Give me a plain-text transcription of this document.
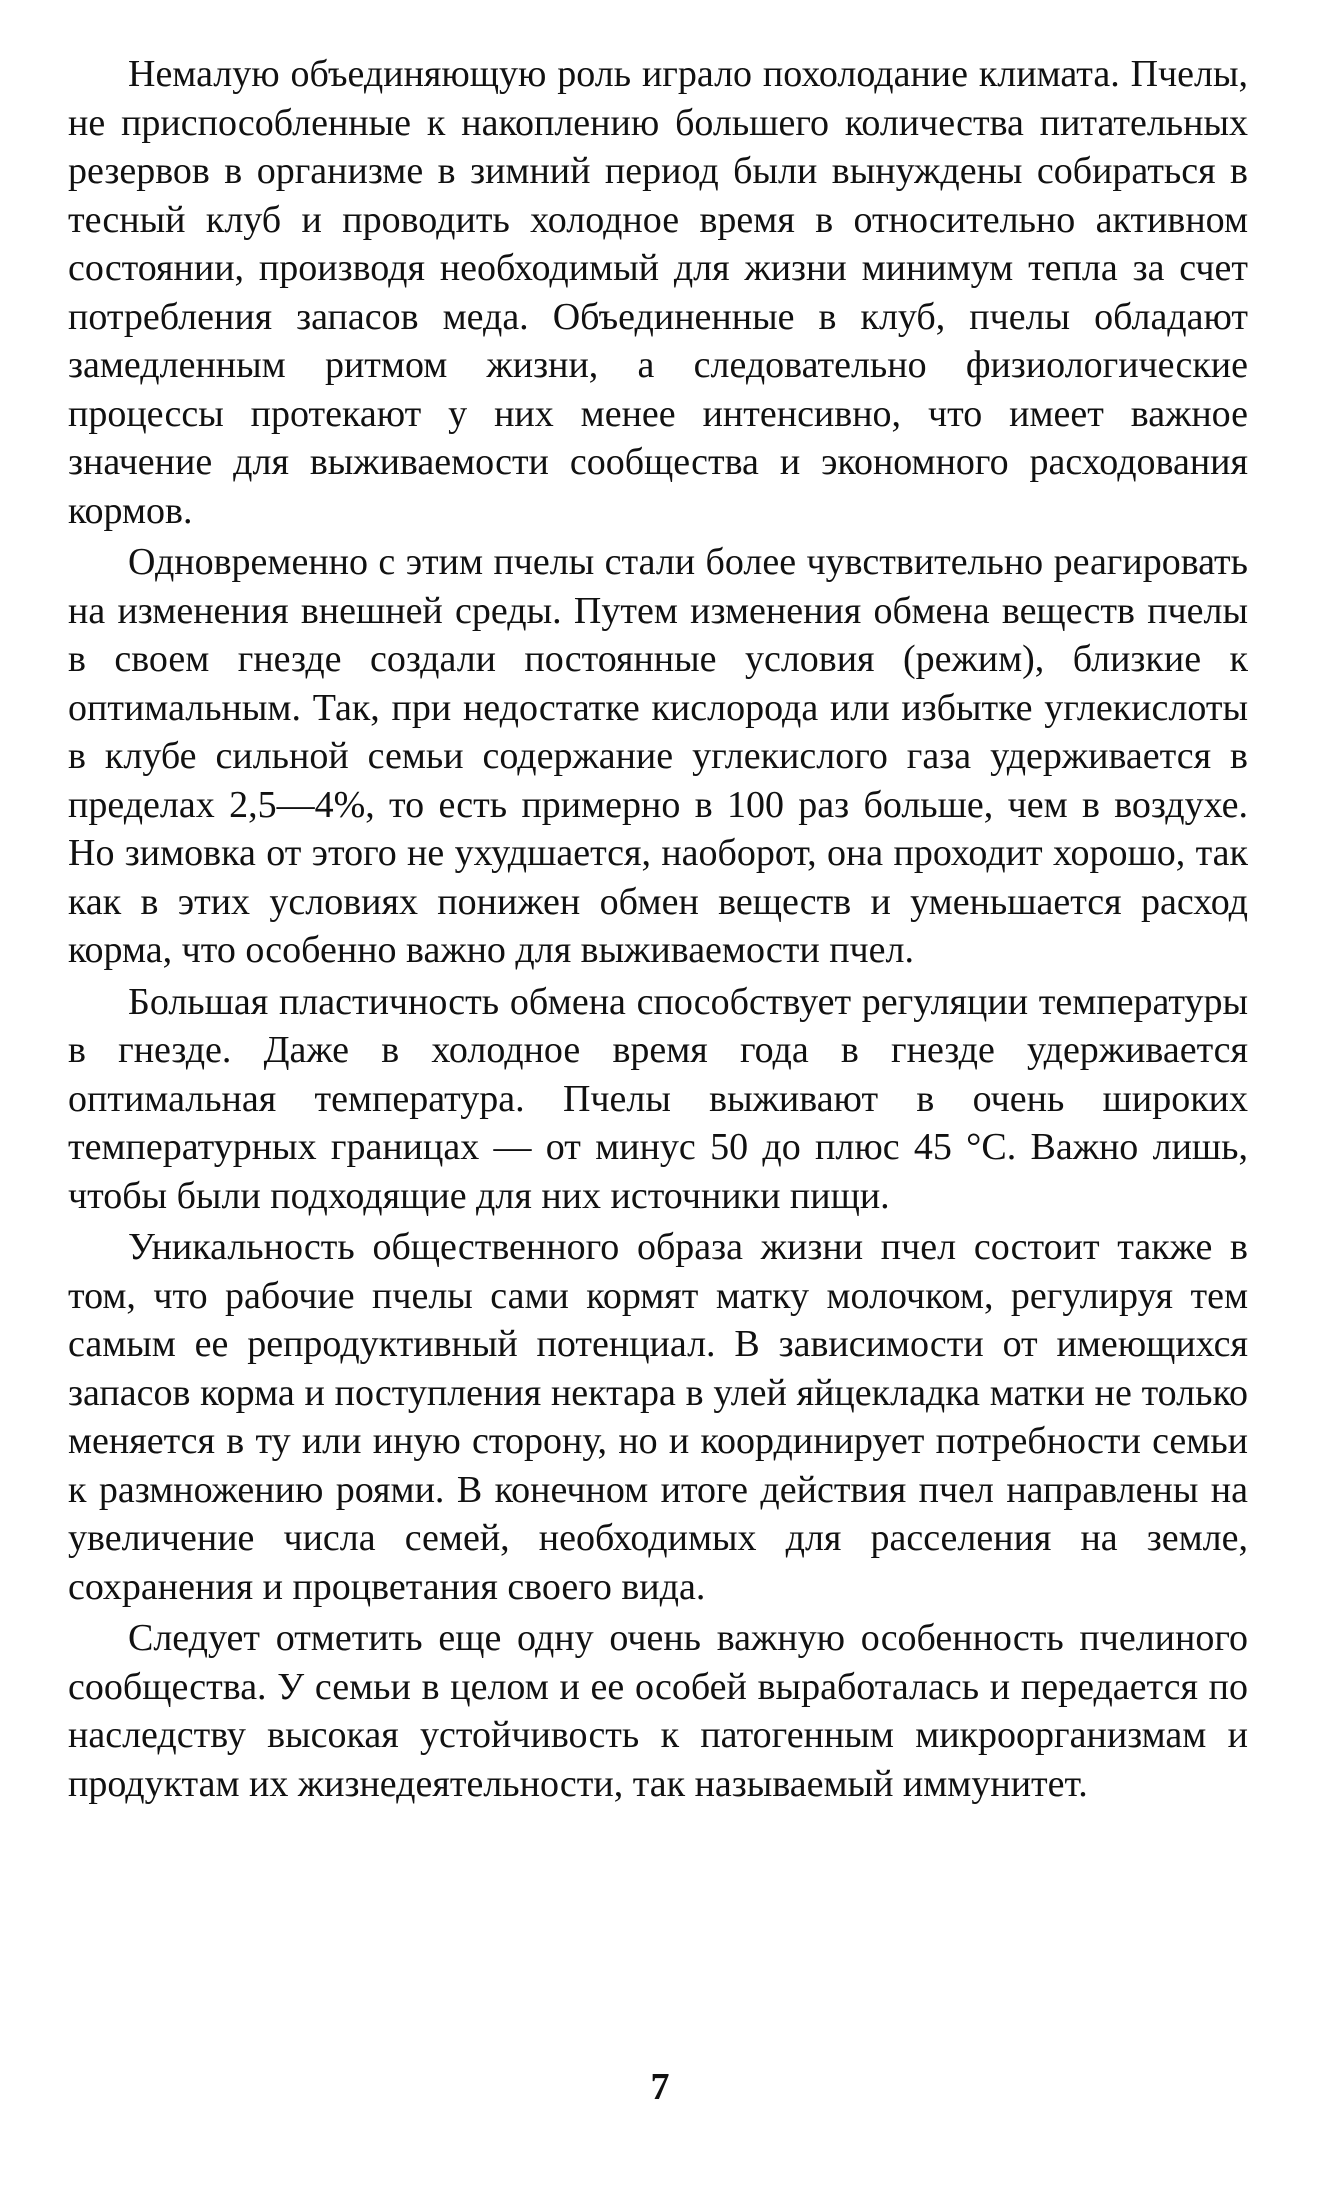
Немалую объединяющую роль играло похолодание климата. Пчелы, не приспособленные к накоплению большего количества питательных резервов в организме в зимний период были вынуждены собираться в тесный клуб и проводить холодное время в относительно активном состоянии, производя необходимый для жизни минимум тепла за счет потребления запасов меда. Объединенные в клуб, пчелы обладают замедленным ритмом жизни, а следовательно физиологические процессы протекают у них менее интенсивно, что имеет важное значение для выживаемости сообщества и экономного расходования кормов.

Одновременно с этим пчелы стали более чувствительно реагировать на изменения внешней среды. Путем изменения обмена веществ пчелы в своем гнезде создали постоянные условия (режим), близкие к оптимальным. Так, при недостатке кислорода или избытке углекислоты в клубе сильной семьи содержание углекислого газа удерживается в пределах 2,5—4%, то есть примерно в 100 раз больше, чем в воздухе. Но зимовка от этого не ухудшается, наоборот, она проходит хорошо, так как в этих условиях понижен обмен веществ и уменьшается расход корма, что особенно важно для выживаемости пчел.

Большая пластичность обмена способствует регуляции температуры в гнезде. Даже в холодное время года в гнезде удерживается оптимальная температура. Пчелы выживают в очень широких температурных границах — от минус 50 до плюс 45 °С. Важно лишь, чтобы были подходящие для них источники пищи.

Уникальность общественного образа жизни пчел состоит также в том, что рабочие пчелы сами кормят матку молочком, регулируя тем самым ее репродуктивный потенциал. В зависимости от имеющихся запасов корма и поступления нектара в улей яйцекладка матки не только меняется в ту или иную сторону, но и координирует потребности семьи к размножению роями. В конечном итоге действия пчел направлены на увеличение числа семей, необходимых для расселения на земле, сохранения и процветания своего вида.

Следует отметить еще одну очень важную особенность пчелиного сообщества. У семьи в целом и ее особей выработалась и передается по наследству высокая устойчивость к патогенным микроорганизмам и продуктам их жизнедеятельности, так называемый иммунитет.

7
